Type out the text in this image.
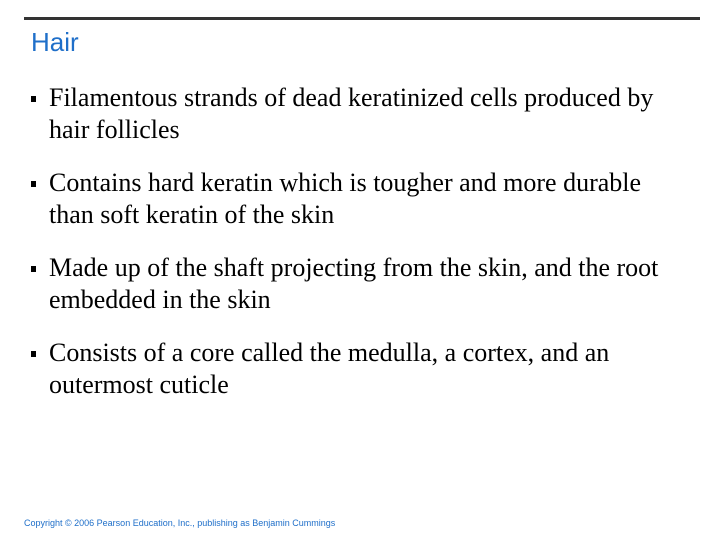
Hair
Filamentous strands of dead keratinized cells produced by hair follicles
Contains hard keratin which is tougher and more durable than soft keratin of the skin
Made up of the shaft projecting from the skin, and the root embedded in the skin
Consists of a core called the medulla, a cortex, and an outermost cuticle
Copyright © 2006 Pearson Education, Inc., publishing as Benjamin Cummings
